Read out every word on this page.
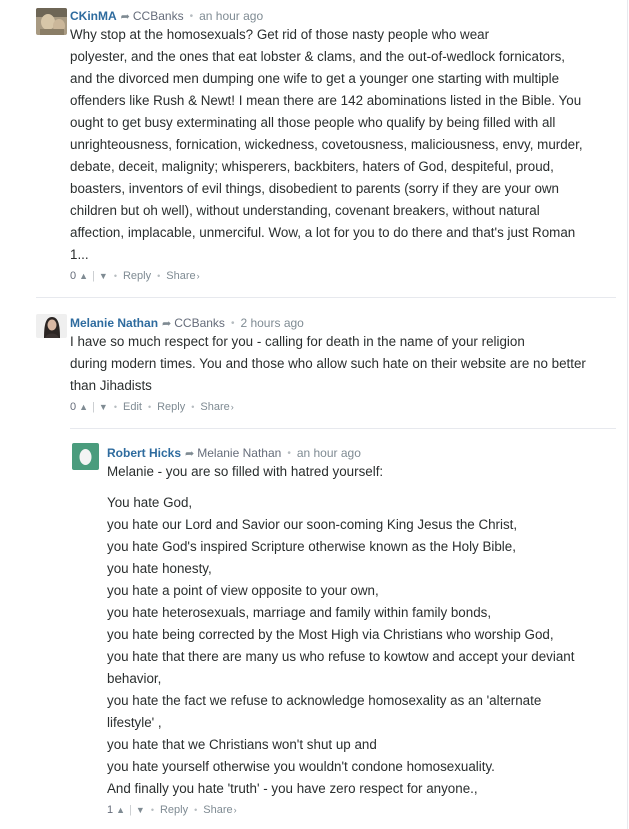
CKinMA ➦ CCBanks • an hour ago

Why stop at the homosexuals? Get rid of those nasty people who wear

polyester, and the ones that eat lobster & clams, and the out-of-wedlock fornicators,

and the divorced men dumping one wife to get a younger one starting with multiple

offenders like Rush & Newt! I mean there are 142 abominations listed in the Bible. You

ought to get busy exterminating all those people who qualify by being filled with all

unrighteousness, fornication, wickedness, covetousness, maliciousness, envy, murder,

debate, deceit, malignity; whisperers, backbiters, haters of God, despiteful, proud,

boasters, inventors of evil things, disobedient to parents (sorry if they are your own

children but oh well), without understanding, covenant breakers, without natural

affection, implacable, unmerciful. Wow, a lot for you to do there and that's just Roman

1...

0 ▲ | ▼ • Reply • Share ›
Melanie Nathan ➦ CCBanks • 2 hours ago

I have so much respect for you - calling for death in the name of your religion

during modern times. You and those who allow such hate on their website are no better

than Jihadists

0 ▲ | ▼ • Edit • Reply • Share ›
Robert Hicks ➦ Melanie Nathan • an hour ago

Melanie - you are so filled with hatred yourself:

You hate God,

you hate our Lord and Savior our soon-coming King Jesus the Christ,

you hate God's inspired Scripture otherwise known as the Holy Bible,

you hate honesty,

you hate a point of view opposite to your own,

you hate heterosexuals, marriage and family within family bonds,

you hate being corrected by the Most High via Christians who worship God,

you hate that there are many us who refuse to kowtow and accept your deviant

behavior,

you hate the fact we refuse to acknowledge homosexality as an 'alternate

lifestyle' ,

you hate that we Christians won't shut up and

you hate yourself otherwise you wouldn't condone homosexuality.

And finally you hate 'truth' - you have zero respect for anyone.,

1 ▲ | ▼ • Reply • Share ›
